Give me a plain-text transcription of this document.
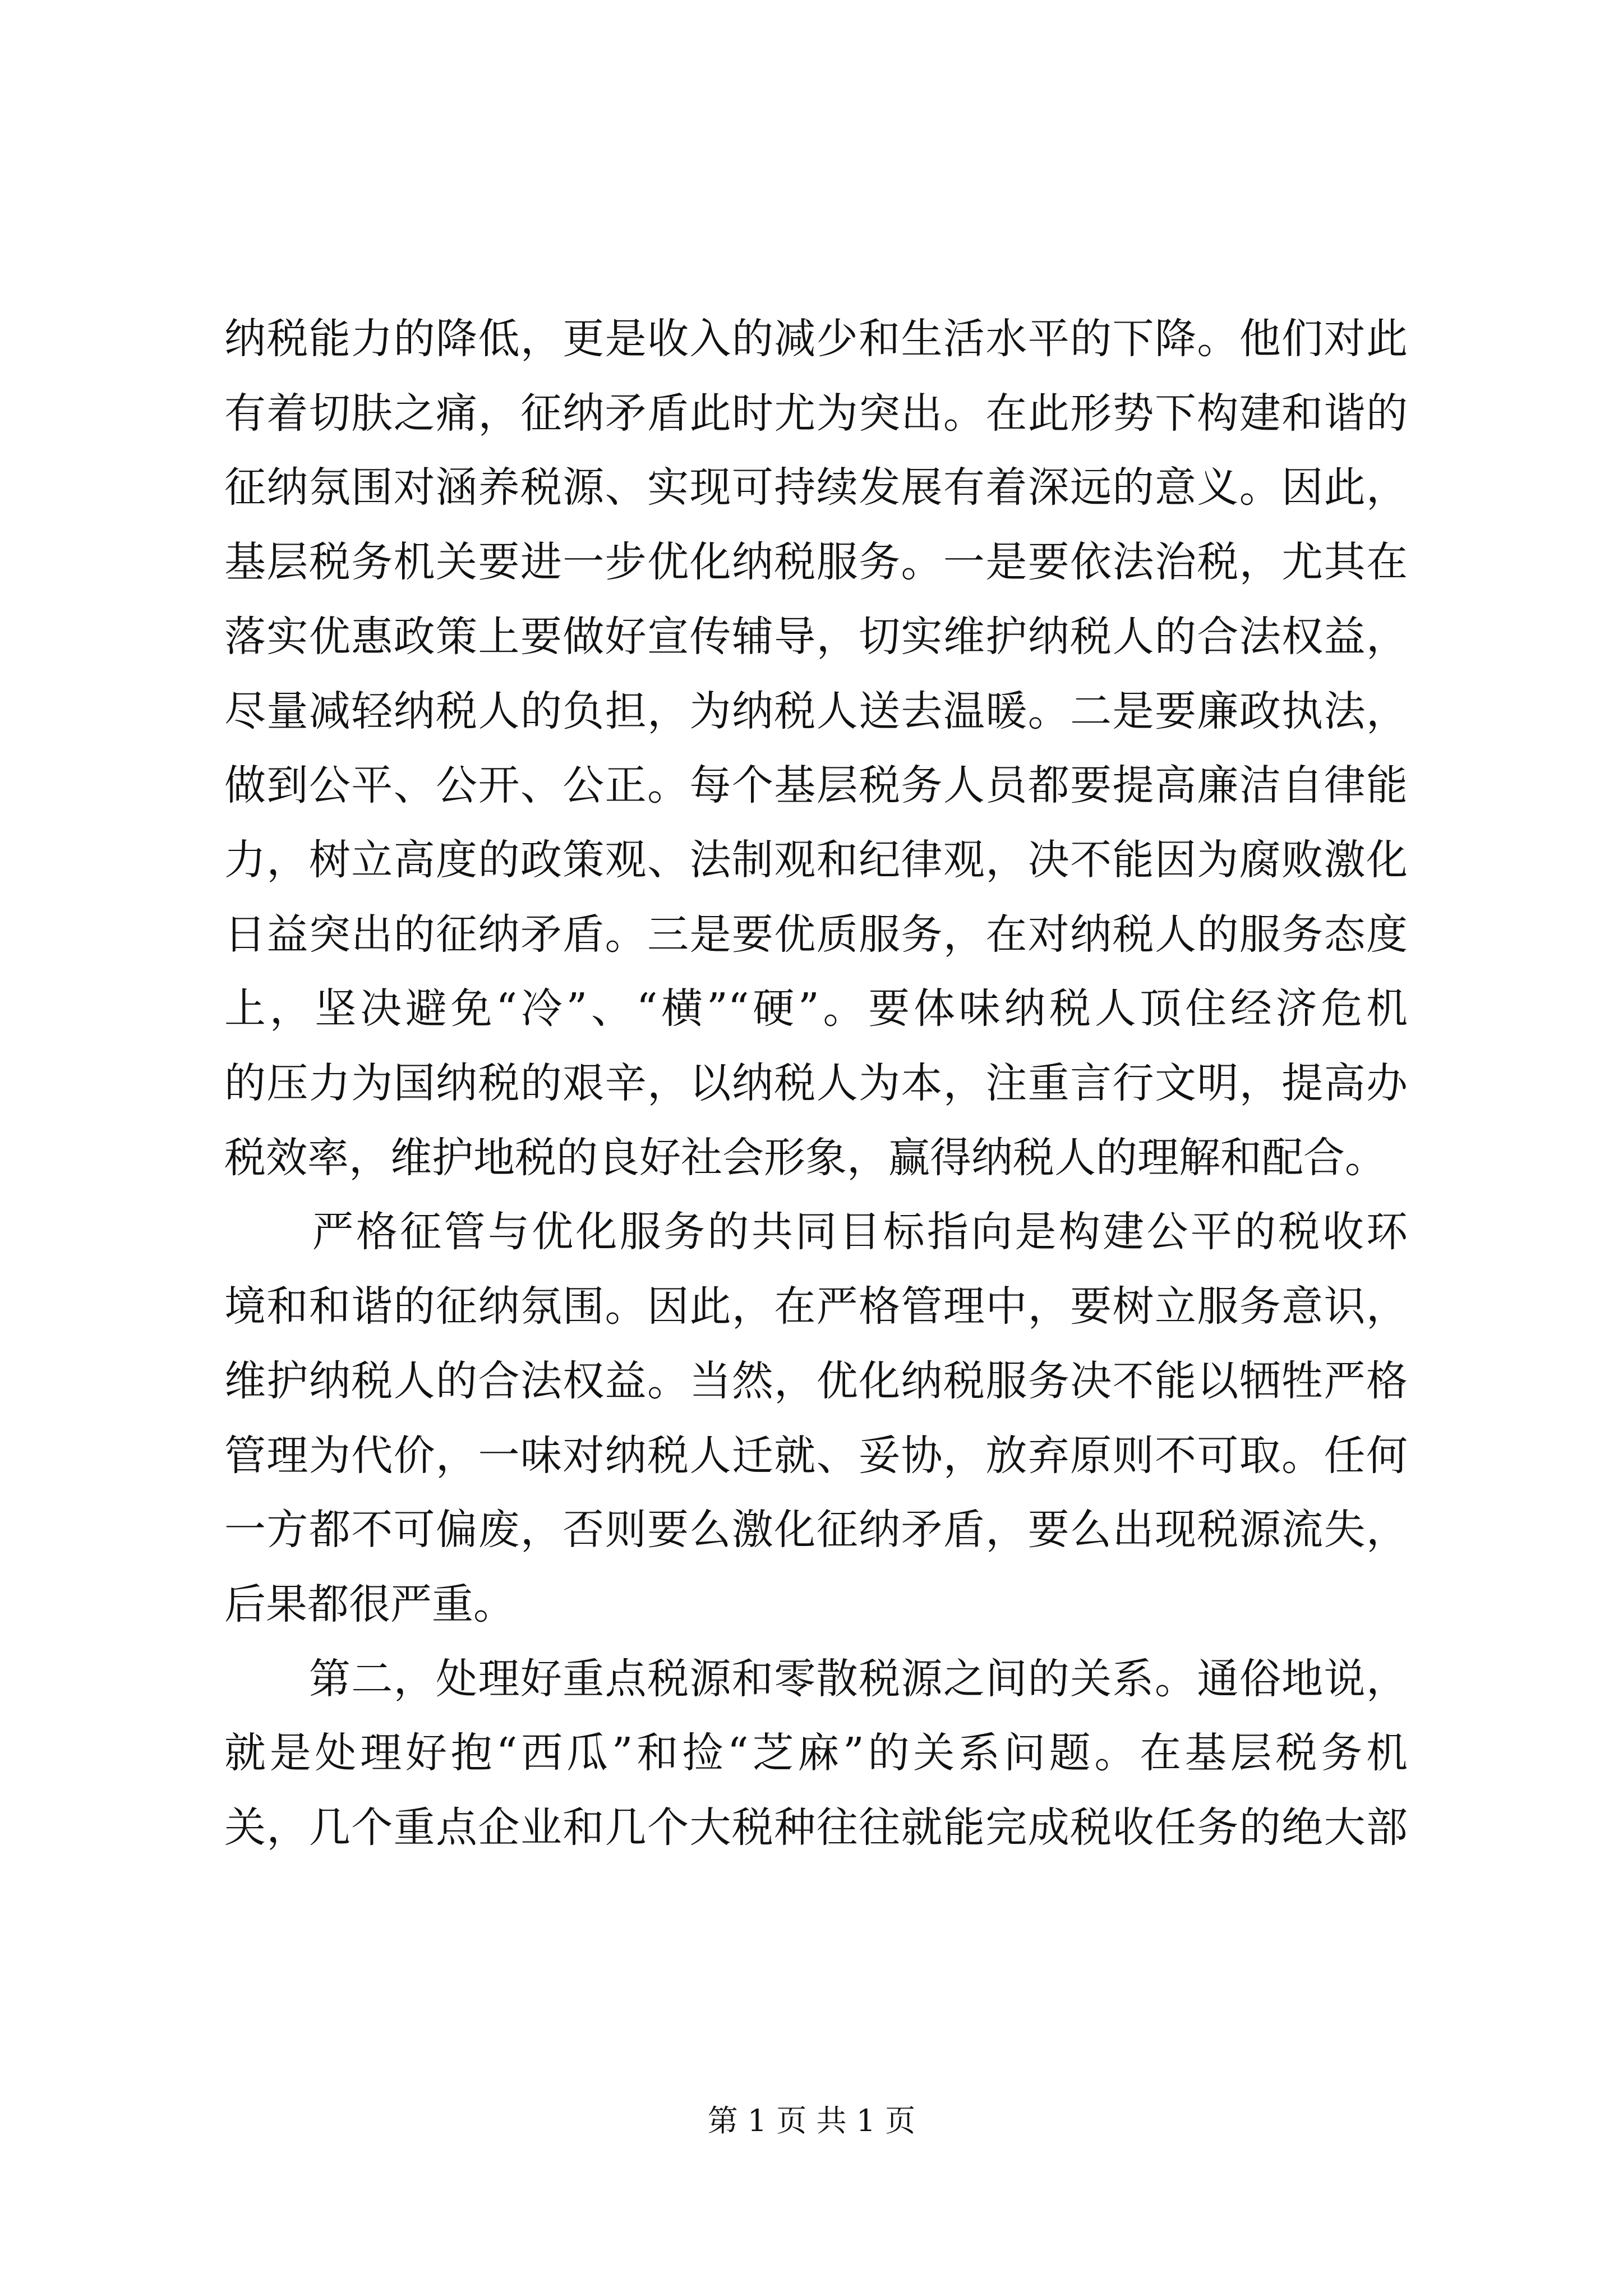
纳税能力的降低，更是收入的减少和生活水平的下降。他们对此

有着切肤之痛，征纳矛盾此时尤为突出。在此形势下构建和谐的

征纳氛围对涵养税源、实现可持续发展有着深远的意义。因此，

基层税务机关要进一步优化纳税服务。一是要依法治税，尤其在

落实优惠政策上要做好宣传辅导，切实维护纳税人的合法权益，

尽量减轻纳税人的负担，为纳税人送去温暖。二是要廉政执法，

做到公平、公开、公正。每个基层税务人员都要提高廉洁自律能

力，树立高度的政策观、法制观和纪律观，决不能因为腐败激化

日益突出的征纳矛盾。三是要优质服务，在对纳税人的服务态度

上，坚决避免“冷”、“横”“硬”。要体味纳税人顶住经济危机

的压力为国纳税的艰辛，以纳税人为本，注重言行文明，提高办

税效率，维护地税的良好社会形象，赢得纳税人的理解和配合。

　　严格征管与优化服务的共同目标指向是构建公平的税收环

境和和谐的征纳氛围。因此，在严格管理中，要树立服务意识，

维护纳税人的合法权益。当然，优化纳税服务决不能以牺牲严格

管理为代价，一味对纳税人迁就、妥协，放弃原则不可取。任何

一方都不可偏废，否则要么激化征纳矛盾，要么出现税源流失，

后果都很严重。

　　第二，处理好重点税源和零散税源之间的关系。通俗地说，

就是处理好抱“西瓜”和捡“芝麻”的关系问题。在基层税务机

关，几个重点企业和几个大税种往往就能完成税收任务的绝大部

第 1 页 共 1 页
